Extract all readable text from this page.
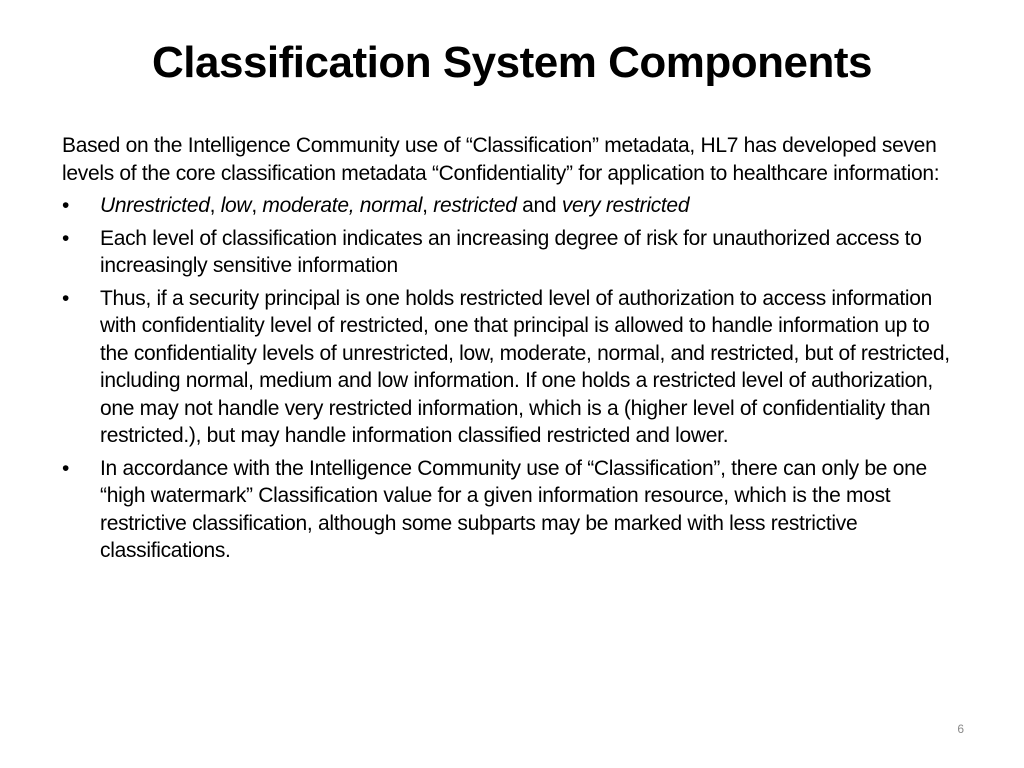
Classification System Components

Based on the Intelligence Community use of “Classification” metadata, HL7 has developed seven levels of the core classification metadata “Confidentiality” for application to healthcare information:

•	Unrestricted, low, moderate, normal, restricted and very restricted
•	Each level of classification indicates an increasing degree of risk for unauthorized access to increasingly sensitive information
•	Thus, if a security principal is one holds restricted level of authorization to access information with confidentiality level of restricted, one that principal is allowed to handle information up to the confidentiality levels of unrestricted, low, moderate, normal, and restricted, but of restricted, including normal, medium and low information. If one holds a restricted level of authorization, one may not handle very restricted information, which is a (higher level of confidentiality than restricted.), but may handle information classified restricted and lower.
•	In accordance with the Intelligence Community use of “Classification”, there can only be one “high watermark” Classification value for a given information resource, which is the most restrictive classification, although some subparts may be marked with less restrictive classifications.
6
